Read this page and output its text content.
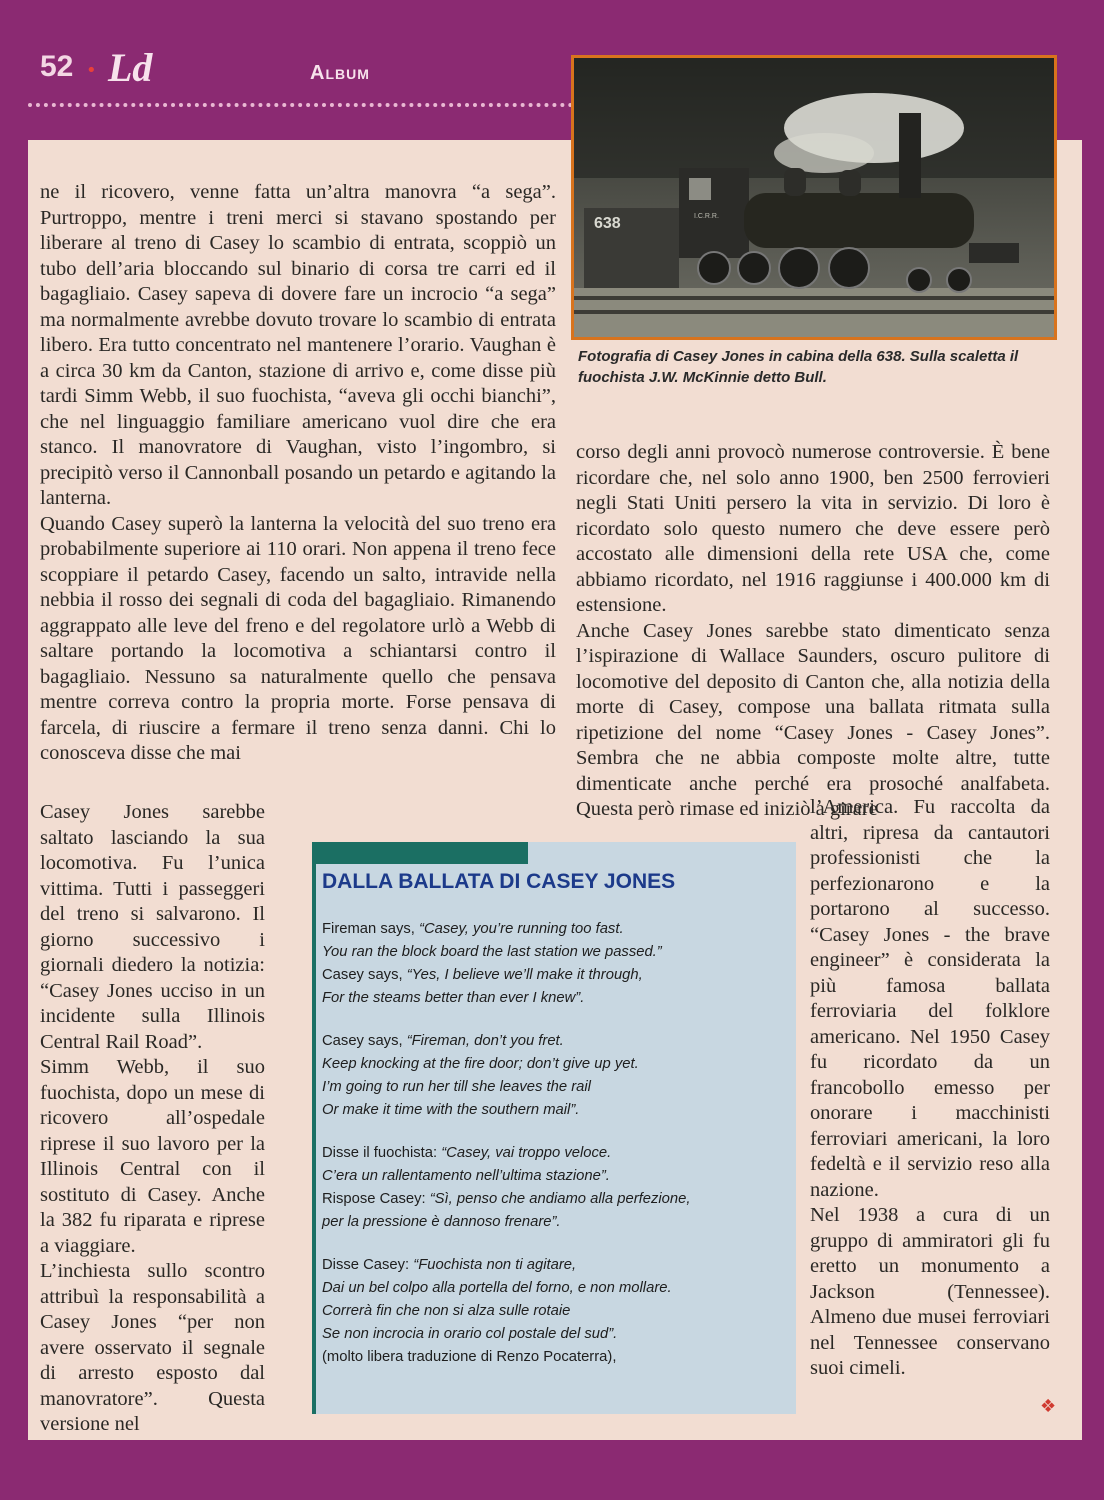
52 • Ld	Album
638	I.C.R.R.
Fotografia di Casey Jones in cabina della 638. Sulla scaletta il fuochista J.W. McKinnie detto Bull.

ne il ricovero, venne fatta un’altra manovra “a sega”. Purtroppo, mentre i treni merci si stavano spostando per liberare al treno di Casey lo scambio di entrata, scoppiò un tubo dell’aria bloccando sul binario di corsa tre carri ed il bagagliaio. Casey sapeva di dovere fare un incrocio “a sega” ma normalmente avrebbe dovuto trovare lo scambio di entrata libero. Era tutto concentrato nel mantenere l’orario. Vaughan è a circa 30 km da Canton, stazione di arrivo e, come disse più tardi Simm Webb, il suo fuochista, “aveva gli occhi bianchi”, che nel linguaggio familiare americano vuol dire che era stanco. Il manovratore di Vaughan, visto l’ingombro, si precipitò verso il Cannonball posando un petardo e agitando la lanterna.

Quando Casey superò la lanterna la velocità del suo treno era probabilmente superiore ai 110 orari. Non appena il treno fece scoppiare il petardo Casey, facendo un salto, intravide nella nebbia il rosso dei segnali di coda del bagagliaio. Rimanendo aggrappato alle leve del freno e del regolatore urlò a Webb di saltare portando la locomotiva a schiantarsi contro il bagagliaio. Nessuno sa naturalmente quello che pensava mentre correva contro la propria morte. Forse pensava di farcela, di riuscire a fermare il treno senza danni. Chi lo conosceva disse che mai

Casey Jones sarebbe saltato lasciando la sua locomotiva. Fu l’unica vittima. Tutti i passeggeri del treno si salvarono. Il giorno successivo i giornali diedero la notizia: “Casey Jones ucciso in un incidente sulla Illinois Central Rail Road”.

Simm Webb, il suo fuochista, dopo un mese di ricovero all’ospedale riprese il suo lavoro per la Illinois Central con il sostituto di Casey. Anche la 382 fu riparata e riprese a viaggiare.

L’inchiesta sullo scontro attribuì la responsabilità a Casey Jones “per non avere osservato il segnale di arresto esposto dal manovratore”. Questa versione nel

corso degli anni provocò numerose controversie. È bene ricordare che, nel solo anno 1900, ben 2500 ferrovieri negli Stati Uniti persero la vita in servizio. Di loro è ricordato solo questo numero che deve essere però accostato alle dimensioni della rete USA che, come abbiamo ricordato, nel 1916 raggiunse i 400.000 km di estensione.

Anche Casey Jones sarebbe stato dimenticato senza l’ispirazione di Wallace Saunders, oscuro pulitore di locomotive del deposito di Canton che, alla notizia della morte di Casey, compose una ballata ritmata sulla ripetizione del nome “Casey Jones - Casey Jones”. Sembra che ne abbia composte molte altre, tutte dimenticate anche perché era prosoché analfabeta. Questa però rimase ed iniziò a girare

l’America. Fu raccolta da altri, ripresa da cantautori professionisti che la perfezionarono e la portarono al successo. “Casey Jones - the brave engineer” è considerata la più famosa ballata ferroviaria del folklore americano. Nel 1950 Casey fu ricordato da un francobollo emesso per onorare i macchinisti ferroviari americani, la loro fedeltà e il servizio reso alla nazione.

Nel 1938 a cura di un gruppo di ammiratori gli fu eretto un monumento a Jackson (Tennessee). Almeno due musei ferroviari nel Tennessee conservano suoi cimeli.

DALLA BALLATA DI CASEY JONES
Fireman says, “Casey, you’re running too fast.
You ran the block board the last station we passed.”
Casey says, “Yes, I believe we’ll make it through,
For the steams better than ever I knew”.
Casey says, “Fireman, don’t you fret.
Keep knocking at the fire door; don’t give up yet.
I’m going to run her till she leaves the rail
Or make it time with the southern mail”.
Disse il fuochista: “Casey, vai troppo veloce.
C’era un rallentamento nell’ultima stazione”.
Rispose Casey: “Sì, penso che andiamo alla perfezione,
per la pressione è dannoso frenare”.
Disse Casey: “Fuochista non ti agitare,
Dai un bel colpo alla portella del forno, e non mollare.
Correrà fin che non si alza sulle rotaie
Se non incrocia in orario col postale del sud”.
(molto libera traduzione di Renzo Pocaterra),
❖
